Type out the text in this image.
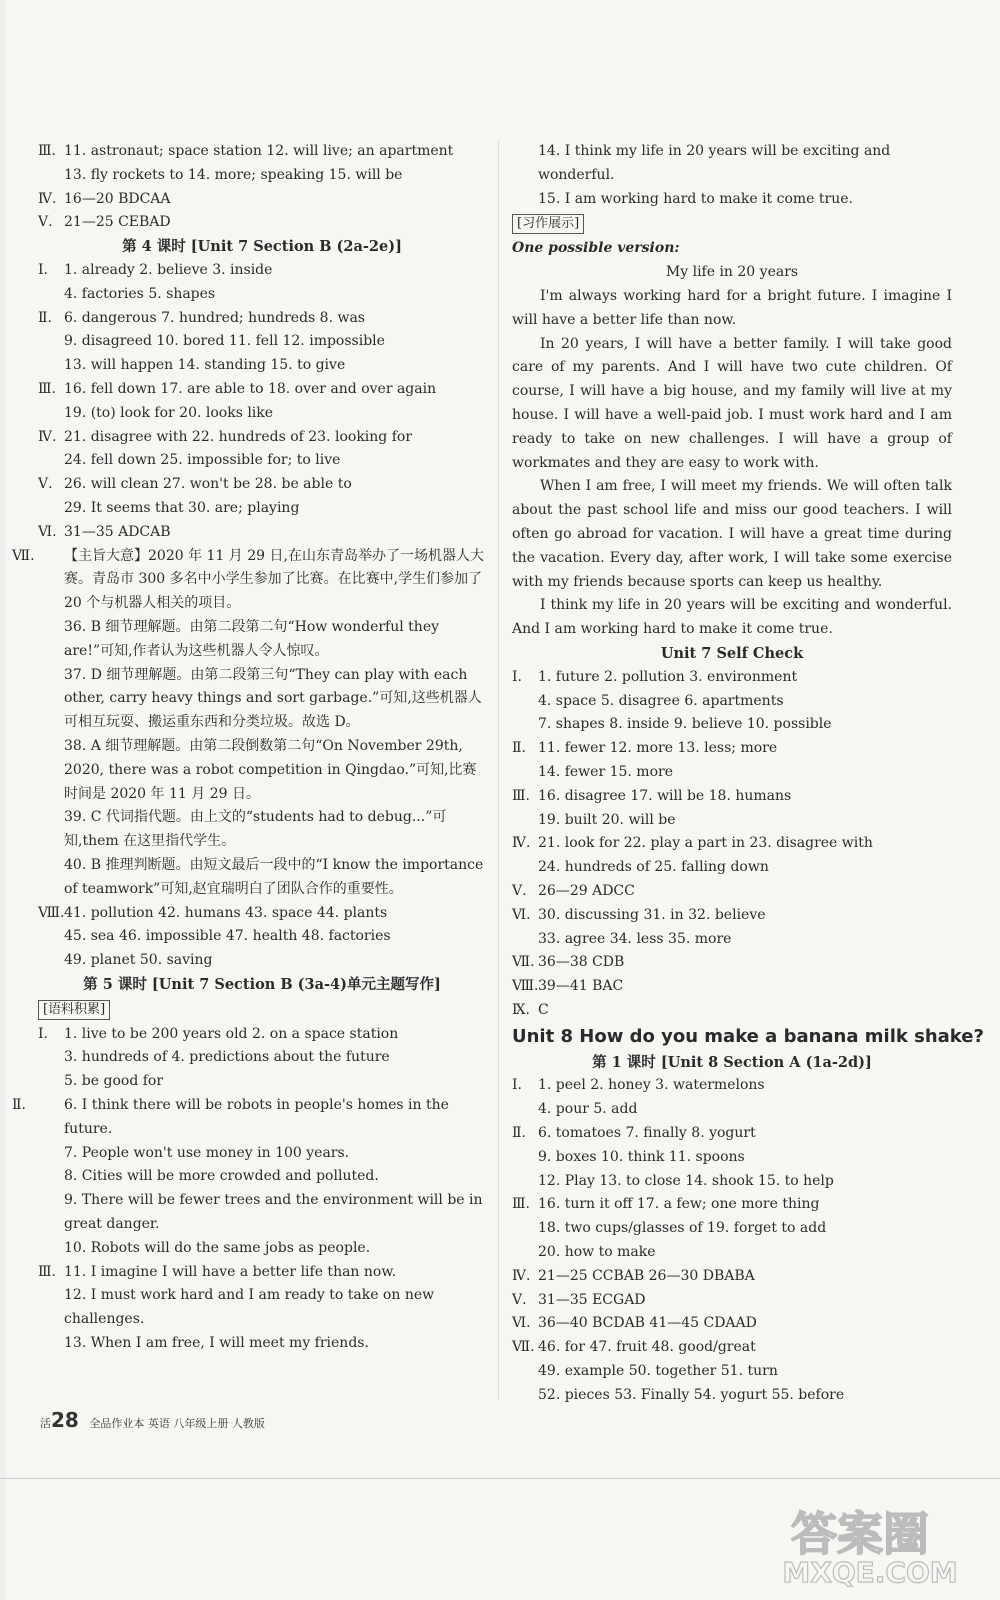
Ⅲ. 11. astronaut; space station 12. will live; an apartment
13. fly rockets to 14. more; speaking 15. will be
Ⅳ. 16—20 BDCAA
Ⅴ. 21—25 CEBAD
第 4 课时 [Unit 7 Section B (2a-2e)]
Ⅰ. 1. already 2. believe 3. inside
4. factories 5. shapes
Ⅱ. 6. dangerous 7. hundred; hundreds 8. was
9. disagreed 10. bored 11. fell 12. impossible
13. will happen 14. standing 15. to give
Ⅲ. 16. fell down 17. are able to 18. over and over again
19. (to) look for 20. looks like
Ⅳ. 21. disagree with 22. hundreds of 23. looking for
24. fell down 25. impossible for; to live
Ⅴ. 26. will clean 27. won't be 28. be able to
29. It seems that 30. are; playing
Ⅵ. 31—35 ADCAB
Ⅶ. 【主旨大意】2020 年 11 月 29 日,在山东青岛举办了一场机器人大赛。青岛市 300 多名中小学生参加了比赛。在比赛中,学生们参加了 20 个与机器人相关的项目。
36. B 细节理解题。由第二段第二句“How wonderful they are!”可知,作者认为这些机器人令人惊叹。
37. D 细节理解题。由第二段第三句“They can play with each other, carry heavy things and sort garbage.”可知,这些机器人可相互玩耍、搬运重东西和分类垃圾。故选 D。
38. A 细节理解题。由第二段倒数第二句“On November 29th, 2020, there was a robot competition in Qingdao.”可知,比赛时间是 2020 年 11 月 29 日。
39. C 代词指代题。由上文的“students had to debug...”可知,them 在这里指代学生。
40. B 推理判断题。由短文最后一段中的“I know the importance of teamwork”可知,赵宜瑞明白了团队合作的重要性。
Ⅷ.41. pollution 42. humans 43. space 44. plants
45. sea 46. impossible 47. health 48. factories
49. planet 50. saving
第 5 课时 [Unit 7 Section B (3a-4)单元主题写作]
[语料积累]
Ⅰ. 1. live to be 200 years old 2. on a space station
3. hundreds of 4. predictions about the future
5. be good for
Ⅱ.	6. I think there will be robots in people's homes in the future.
7. People won't use money in 100 years.
8. Cities will be more crowded and polluted.
9. There will be fewer trees and the environment will be in great danger.
10. Robots will do the same jobs as people.
Ⅲ. 11. I imagine I will have a better life than now.
12. I must work hard and I am ready to take on new challenges.
13. When I am free, I will meet my friends.
14. I think my life in 20 years will be exciting and wonderful.
15. I am working hard to make it come true.
[习作展示]
One possible version:
My life in 20 years
I'm always working hard for a bright future. I imagine I will have a better life than now.
In 20 years, I will have a better family. I will take good care of my parents. And I will have two cute children. Of course, I will have a big house, and my family will live at my house. I will have a well-paid job. I must work hard and I am ready to take on new challenges. I will have a group of workmates and they are easy to work with.
When I am free, I will meet my friends. We will often talk about the past school life and miss our good teachers. I will often go abroad for vacation. I will have a great time during the vacation. Every day, after work, I will take some exercise with my friends because sports can keep us healthy.
I think my life in 20 years will be exciting and wonderful. And I am working hard to make it come true.
Unit 7 Self Check
Ⅰ. 1. future 2. pollution 3. environment
4. space 5. disagree 6. apartments
7. shapes 8. inside 9. believe 10. possible
Ⅱ. 11. fewer 12. more 13. less; more
14. fewer 15. more
Ⅲ. 16. disagree 17. will be 18. humans
19. built 20. will be
Ⅳ. 21. look for 22. play a part in 23. disagree with
24. hundreds of 25. falling down
Ⅴ. 26—29 ADCC
Ⅵ. 30. discussing 31. in 32. believe
33. agree 34. less 35. more
Ⅶ. 36—38 CDB
Ⅷ.39—41 BAC
Ⅸ. C
Unit 8 How do you make a banana milk shake?
第 1 课时 [Unit 8 Section A (1a-2d)]
Ⅰ. 1. peel 2. honey 3. watermelons
4. pour 5. add
Ⅱ. 6. tomatoes 7. finally 8. yogurt
9. boxes 10. think 11. spoons
12. Play 13. to close 14. shook 15. to help
Ⅲ. 16. turn it off 17. a few; one more thing
18. two cups/glasses of 19. forget to add
20. how to make
Ⅳ. 21—25 CCBAB 26—30 DBABA
Ⅴ. 31—35 ECGAD
Ⅵ. 36—40 BCDAB 41—45 CDAAD
Ⅶ. 46. for 47. fruit 48. good/great
49. example 50. together 51. turn
52. pieces 53. Finally 54. yogurt 55. before
活28 全品作业本 英语 八年级上册 人教版
答案圈
MXQE.COM
